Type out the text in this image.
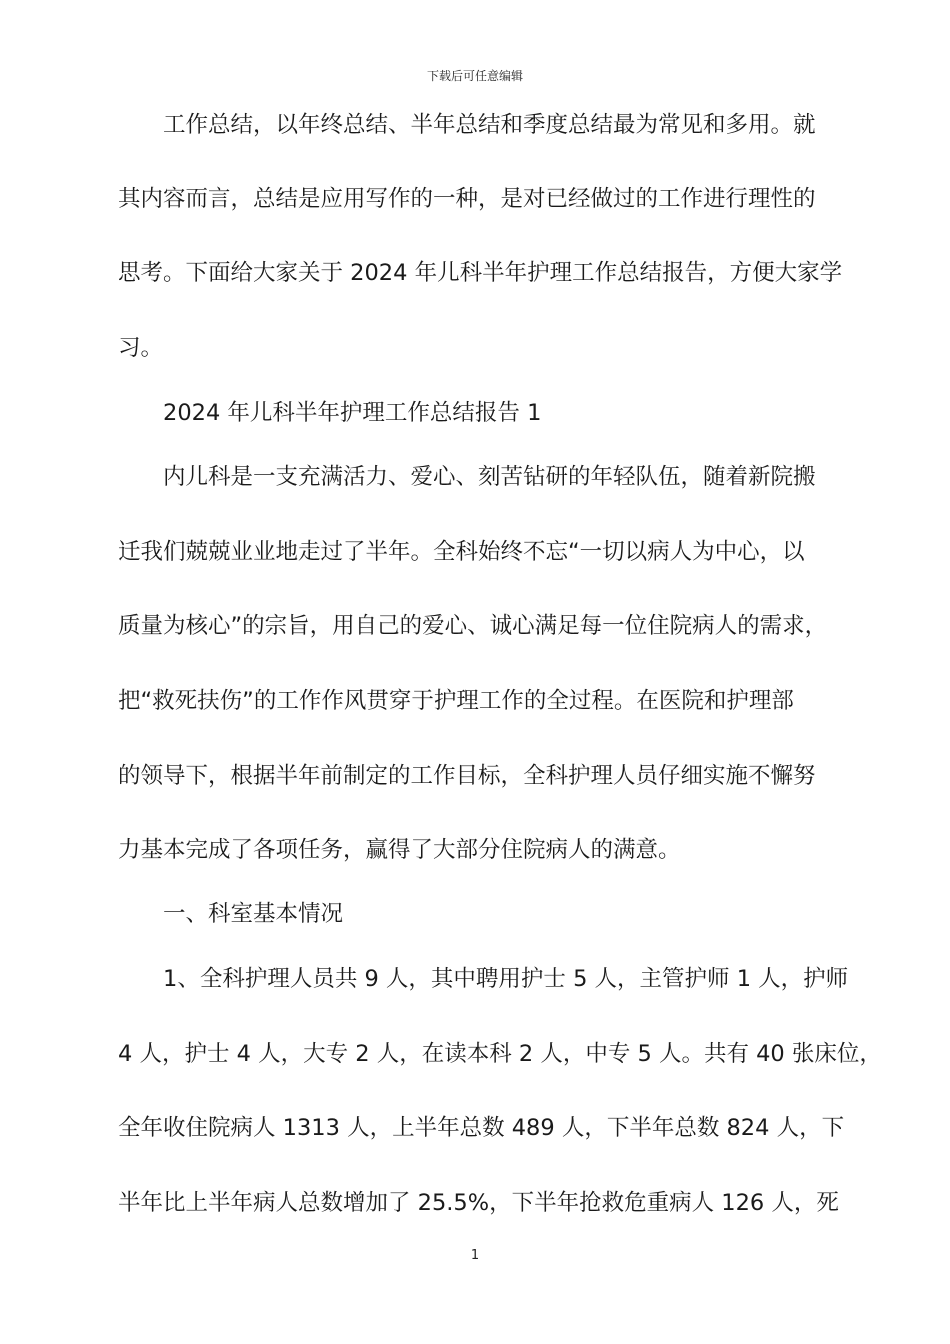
下载后可任意编辑
工作总结，以年终总结、半年总结和季度总结最为常见和多用。就
其内容而言，总结是应用写作的一种，是对已经做过的工作进行理性的
思考。下面给大家关于 2024 年儿科半年护理工作总结报告，方便大家学
习。
2024 年儿科半年护理工作总结报告 1
内儿科是一支充满活力、爱心、刻苦钻研的年轻队伍，随着新院搬
迁我们兢兢业业地走过了半年。全科始终不忘“一切以病人为中心，以
质量为核心”的宗旨，用自己的爱心、诚心满足每一位住院病人的需求，
把“救死扶伤”的工作作风贯穿于护理工作的全过程。在医院和护理部
的领导下，根据半年前制定的工作目标，全科护理人员仔细实施不懈努
力基本完成了各项任务，赢得了大部分住院病人的满意。
一、科室基本情况
1、全科护理人员共 9 人，其中聘用护士 5 人，主管护师 1 人，护师
4 人，护士 4 人，大专 2 人，在读本科 2 人，中专 5 人。共有 40 张床位，
全年收住院病人 1313 人，上半年总数 489 人，下半年总数 824 人，下
半年比上半年病人总数增加了 25.5%，下半年抢救危重病人 126 人，死
1
